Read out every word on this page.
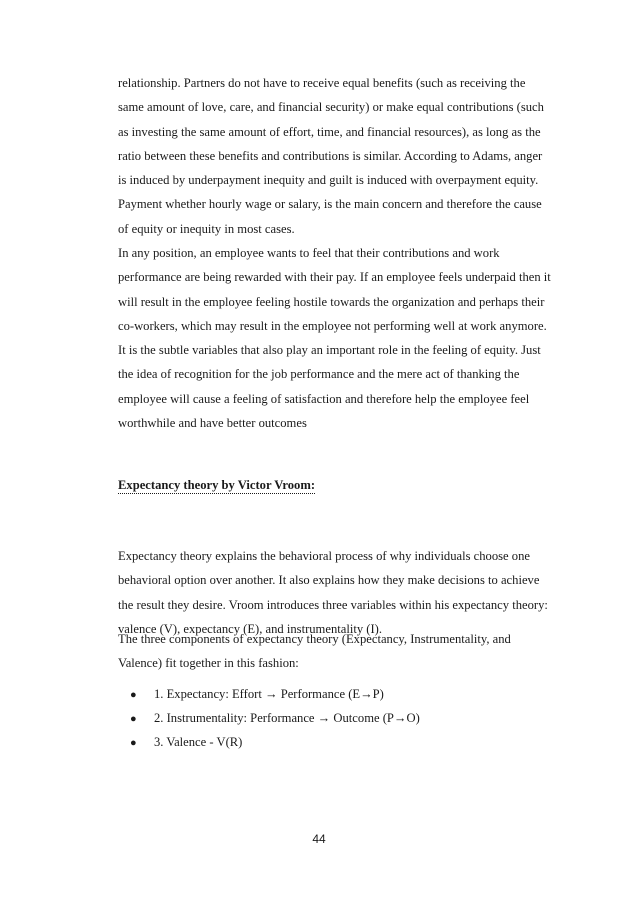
relationship. Partners do not have to receive equal benefits (such as receiving the
same amount of love, care, and financial security) or make equal contributions (such
as investing the same amount of effort, time, and financial resources), as long as the
ratio between these benefits and contributions is similar. According to Adams, anger
is induced by underpayment inequity and guilt is induced with overpayment equity.
Payment whether hourly wage or salary, is the main concern and therefore the cause
of equity or inequity in most cases.
In any position, an employee wants to feel that their contributions and work
performance are being rewarded with their pay. If an employee feels underpaid then it
will result in the employee feeling hostile towards the organization and perhaps their
co-workers, which may result in the employee not performing well at work anymore.
It is the subtle variables that also play an important role in the feeling of equity. Just
the idea of recognition for the job performance and the mere act of thanking the
employee will cause a feeling of satisfaction and therefore help the employee feel
worthwhile and have better outcomes
Expectancy theory by Victor Vroom:
Expectancy theory explains the behavioral process of why individuals choose one
behavioral option over another. It also explains how they make decisions to achieve
the result they desire. Vroom introduces three variables within his expectancy theory:
valence (V), expectancy (E), and instrumentality (I).
The three components of expectancy theory (Expectancy, Instrumentality, and
Valence) fit together in this fashion:
● 1. Expectancy: Effort → Performance (E→P)
● 2. Instrumentality: Performance → Outcome (P→O)
● 3. Valence - V(R)
44
